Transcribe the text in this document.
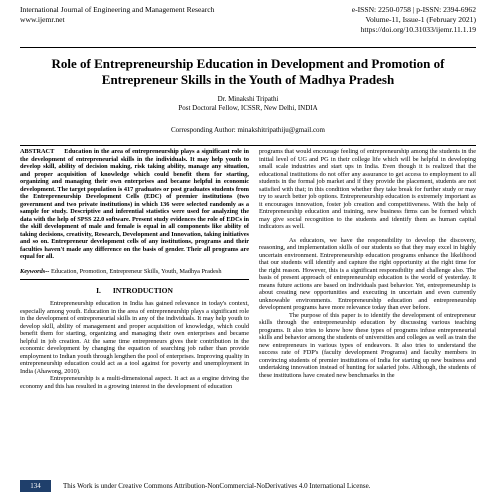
International Journal of Engineering and Management Research
www.ijemr.net
e-ISSN: 2250-0758 | p-ISSN: 2394-6962
Volume-11, Issue-1 (February 2021)
https://doi.org/10.31033/ijemr.11.1.19
Role of Entrepreneurship Education in Development and Promotion of Entrepreneur Skills in the Youth of Madhya Pradesh
Dr. Minakshi Tripathi
Post Doctoral Fellow, ICSSR, New Delhi, INDIA
Corresponding Author: minakshitripathiju@gmail.com

ABSTRACT Education in the area of entrepreneurship plays a significant role in the development of entrepreneurial skills in the individuals. It may help youth to develop skill, ability of decision making, risk taking ability, manage any situation, and proper acquisition of knowledge which could benefit them for starting, organizing and managing their own enterprises and became helpful in economic development. The target population is 417 graduates or post graduates students from the Entrepreneurship Development Cells (EDC) of premier institutions (two government and two private institutions) in which 136 were selected randomly as a sample for study. Descriptive and inferential statistics were used for analyzing the data with the help of SPSS 22.0 software. Present study evidences the role of EDCs in the skill development of male and female is equal in all components like ability of taking decisions, creativity, Research, Development and Innovation, taking initiatives and so on. Entrepreneur development cells of any institutions, programs and their faculties haven't made any difference on the basis of gender. Their all programs are equal for all.

Keywords-- Education, Promotion, Entrepreneur Skills, Youth, Madhya Pradesh

I. INTRODUCTION

Entrepreneurship education in India has gained relevance in today's context, especially among youth. Education in the area of entrepreneurship plays a significant role in the development of entrepreneurial skills in any of the individuals. It may help youth to develop skill, ability of management and proper acquisition of knowledge, which could benefit them for starting, organizing and managing their own enterprises and became helpful in job creation. At the same time entrepreneurs gives their contribution in the economic development by changing the equation of searching job rather than provide employment to Indian youth through lengthen the pool of enterprises. Improving quality in entrepreneurship education could act as a tool against for poverty and unemployment in India (Ahawong, 2010).

Entrepreneurship is a multi-dimensional aspect. It act as a engine driving the economy and this has resulted in a growing interest in the development of education

programs that would encourage feeling of entrepreneurship among the students in the initial level of UG and PG in their college life which will be helpful in developing small scale industries and start ups in India. Even though it is realized that the educational institutions do not offer any assurance to get access to employment to all students in the formal job market and if they provide the placement, students are not satisfied with that; in this condition whether they take break for further study or may try to search better job options. Entrepreneurship education is extremely important as it encourages innovation, foster job creation and competitiveness. With the help of Entrepreneurship education and training, new business firms can be formed which may give social recognition to the students and identify them as human capital indicators as well.

As educators, we have the responsibility to develop the discovery, reasoning, and implementation skills of our students so that they may excel in highly uncertain environment. Entrepreneurship education programs enhance the likelihood that our students will identify and capture the right opportunity at the right time for the right reason. However, this is a significant responsibility and challenge also. The basis of present approach of entrepreneurship education is the world of yesterday. It means future actions are based on individuals past behavior. Yet, entrepreneurship is about creating new opportunities and executing in uncertain and even currently unknowable environments. Entrepreneurship education and entrepreneurship development programs have more relevance today than ever before.

The purpose of this paper is to identify the development of entrepreneur skills through the entrepreneurship education by discussing various teaching programs. It also tries to know how these types of programs infuse entrepreneurial skills and behavior among the students of universities and colleges as well as train the new entrepreneurs in various types of endeavors. It also tries to understand the success rate of FDP's (faculty development Programs) and faculty members in convincing students of premier institutions of India for starting up new business and undertaking innovation instead of hunting for salaried jobs. Although, the students of these institutions have created new benchmarks in the

134	This Work is under Creative Commons Attribution-NonCommercial-NoDerivatives 4.0 International License.
